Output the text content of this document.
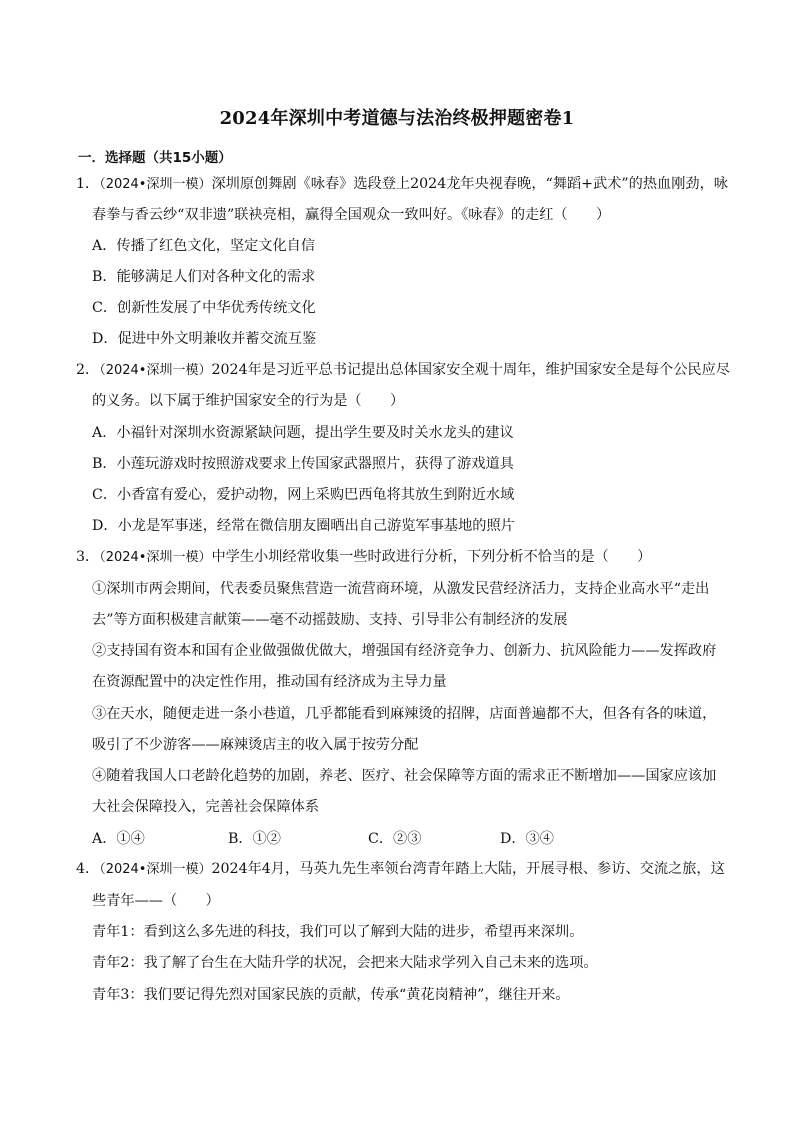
2024年深圳中考道德与法治终极押题密卷1
一．选择题（共15小题）
1．（2024•深圳一模）深圳原创舞剧《咏春》选段登上2024龙年央视春晚，“舞蹈+武术”的热血刚劲，咏
春拳与香云纱“双非遗”联袂亮相，赢得全国观众一致叫好。《咏春》的走红（　　）
A．传播了红色文化，坚定文化自信
B．能够满足人们对各种文化的需求
C．创新性发展了中华优秀传统文化
D．促进中外文明兼收并蓄交流互鉴
2．（2024•深圳一模）2024年是习近平总书记提出总体国家安全观十周年，维护国家安全是每个公民应尽
的义务。以下属于维护国家安全的行为是（　　）
A．小福针对深圳水资源紧缺问题，提出学生要及时关水龙头的建议
B．小莲玩游戏时按照游戏要求上传国家武器照片，获得了游戏道具
C．小香富有爱心，爱护动物，网上采购巴西龟将其放生到附近水域
D．小龙是军事迷，经常在微信朋友圈晒出自己游览军事基地的照片
3．（2024•深圳一模）中学生小圳经常收集一些时政进行分析，下列分析不恰当的是（　　）
①深圳市两会期间，代表委员聚焦营造一流营商环境，从激发民营经济活力，支持企业高水平“走出
去”等方面积极建言献策——毫不动摇鼓励、支持、引导非公有制经济的发展
②支持国有资本和国有企业做强做优做大，增强国有经济竞争力、创新力、抗风险能力——发挥政府
在资源配置中的决定性作用，推动国有经济成为主导力量
③在天水，随便走进一条小巷道，几乎都能看到麻辣烫的招牌，店面普遍都不大，但各有各的味道，
吸引了不少游客——麻辣烫店主的收入属于按劳分配
④随着我国人口老龄化趋势的加剧，养老、医疗、社会保障等方面的需求正不断增加——国家应该加
大社会保障投入，完善社会保障体系
A．①④	B．①②	C．②③	D．③④
4．（2024•深圳一模）2024年4月，马英九先生率领台湾青年踏上大陆，开展寻根、参访、交流之旅，这
些青年——（　　）
青年1：看到这么多先进的科技，我们可以了解到大陆的进步，希望再来深圳。
青年2：我了解了台生在大陆升学的状况，会把来大陆求学列入自己未来的选项。
青年3：我们要记得先烈对国家民族的贡献，传承“黄花岗精神”，继往开来。
